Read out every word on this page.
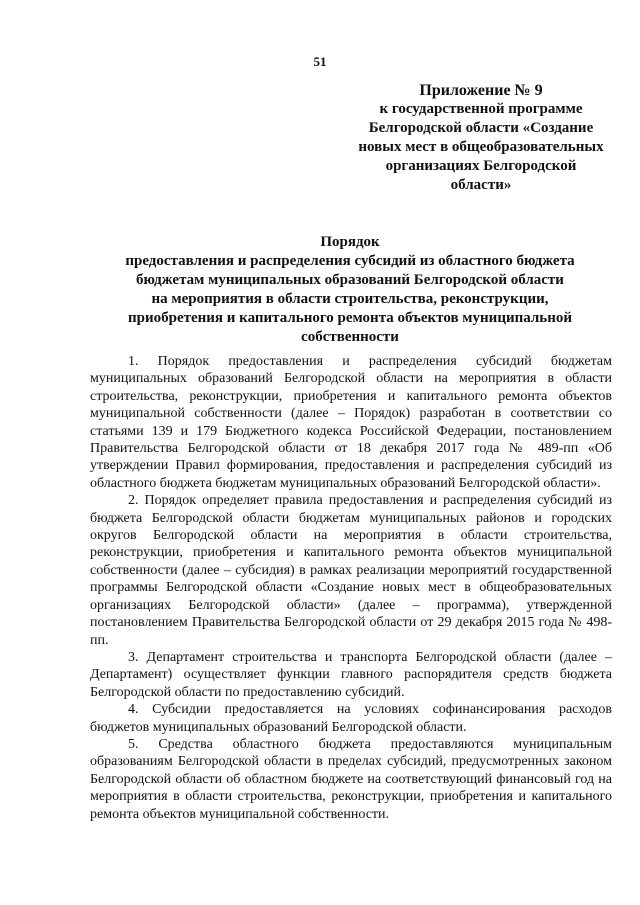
51
Приложение № 9
к государственной программе
Белгородской области «Создание
новых мест в общеобразовательных
организациях Белгородской
области»
Порядок
предоставления и распределения субсидий из областного бюджета
бюджетам муниципальных образований Белгородской области
на мероприятия в области строительства, реконструкции,
приобретения и капитального ремонта объектов муниципальной
собственности

1. Порядок предоставления и распределения субсидий бюджетам муниципальных образований Белгородской области на мероприятия в области строительства, реконструкции, приобретения и капитального ремонта объектов муниципальной собственности (далее – Порядок) разработан в соответствии со статьями 139 и 179 Бюджетного кодекса Российской Федерации, постановлением Правительства Белгородской области от 18 декабря 2017 года № 489-пп «Об утверждении Правил формирования, предоставления и распределения субсидий из областного бюджета бюджетам муниципальных образований Белгородской области».

2. Порядок определяет правила предоставления и распределения субсидий из бюджета Белгородской области бюджетам муниципальных районов и городских округов Белгородской области на мероприятия в области строительства, реконструкции, приобретения и капитального ремонта объектов муниципальной собственности (далее – субсидия) в рамках реализации мероприятий государственной программы Белгородской области «Создание новых мест в общеобразовательных организациях Белгородской области» (далее – программа), утвержденной постановлением Правительства Белгородской области от 29 декабря 2015 года № 498-пп.

3. Департамент строительства и транспорта Белгородской области (далее – Департамент) осуществляет функции главного распорядителя средств бюджета Белгородской области по предоставлению субсидий.

4. Субсидии предоставляется на условиях софинансирования расходов бюджетов муниципальных образований Белгородской области.

5. Средства областного бюджета предоставляются муниципальным образованиям Белгородской области в пределах субсидий, предусмотренных законом Белгородской области об областном бюджете на соответствующий финансовый год на мероприятия в области строительства, реконструкции, приобретения и капитального ремонта объектов муниципальной собственности.
